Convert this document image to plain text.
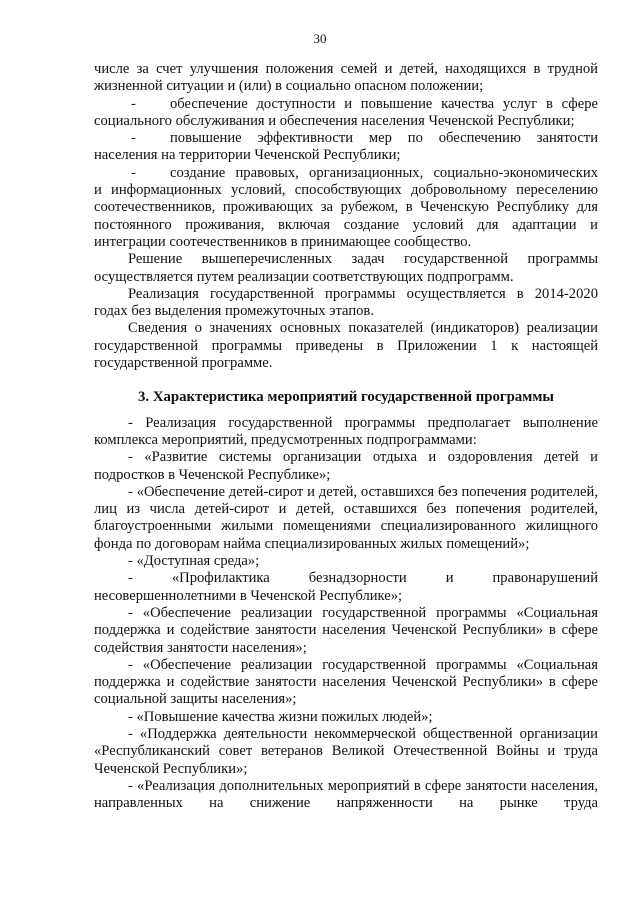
30

числе за счет улучшения положения семей и детей, находящихся в трудной
жизненной ситуации и (или) в социально опасном положении;

- обеспечение доступности и повышение качества услуг в сфере
социального обслуживания и обеспечения населения Чеченской Республики;

- повышение эффективности мер по обеспечению занятости
населения на территории Чеченской Республики;

- создание правовых, организационных, социально-экономических
и информационных условий, способствующих добровольному переселению соотечественников, проживающих за рубежом, в Чеченскую Республику для постоянного проживания, включая создание условий для адаптации и интеграции соотечественников в принимающее сообщество.

Решение вышеперечисленных задач государственной программы осуществляется путем реализации соответствующих подпрограмм.

Реализация государственной программы осуществляется в 2014-2020 годах без выделения промежуточных этапов.

Сведения о значениях основных показателей (индикаторов) реализации государственной программы приведены в Приложении 1 к настоящей государственной программе.

3. Характеристика мероприятий государственной программы

- Реализация государственной программы предполагает выполнение комплекса мероприятий, предусмотренных подпрограммами:

- «Развитие системы организации отдыха и оздоровления детей и подростков в Чеченской Республике»;

- «Обеспечение детей-сирот и детей, оставшихся без попечения родителей, лиц из числа детей-сирот и детей, оставшихся без попечения родителей, благоустроенными жилыми помещениями специализированного жилищного фонда по договорам найма специализированных жилых помещений»;

- «Доступная среда»;

- «Профилактика безнадзорности и правонарушений несовершеннолетними в Чеченской Республике»;

- «Обеспечение реализации государственной программы «Социальная поддержка и содействие занятости населения Чеченской Республики» в сфере содействия занятости населения»;

- «Обеспечение реализации государственной программы «Социальная поддержка и содействие занятости населения Чеченской Республики» в сфере социальной защиты населения»;

- «Повышение качества жизни пожилых людей»;

- «Поддержка деятельности некоммерческой общественной организации «Республиканский совет ветеранов Великой Отечественной Войны и труда Чеченской Республики»;

- «Реализация дополнительных мероприятий в сфере занятости населения, направленных на снижение напряженности на рынке труда
